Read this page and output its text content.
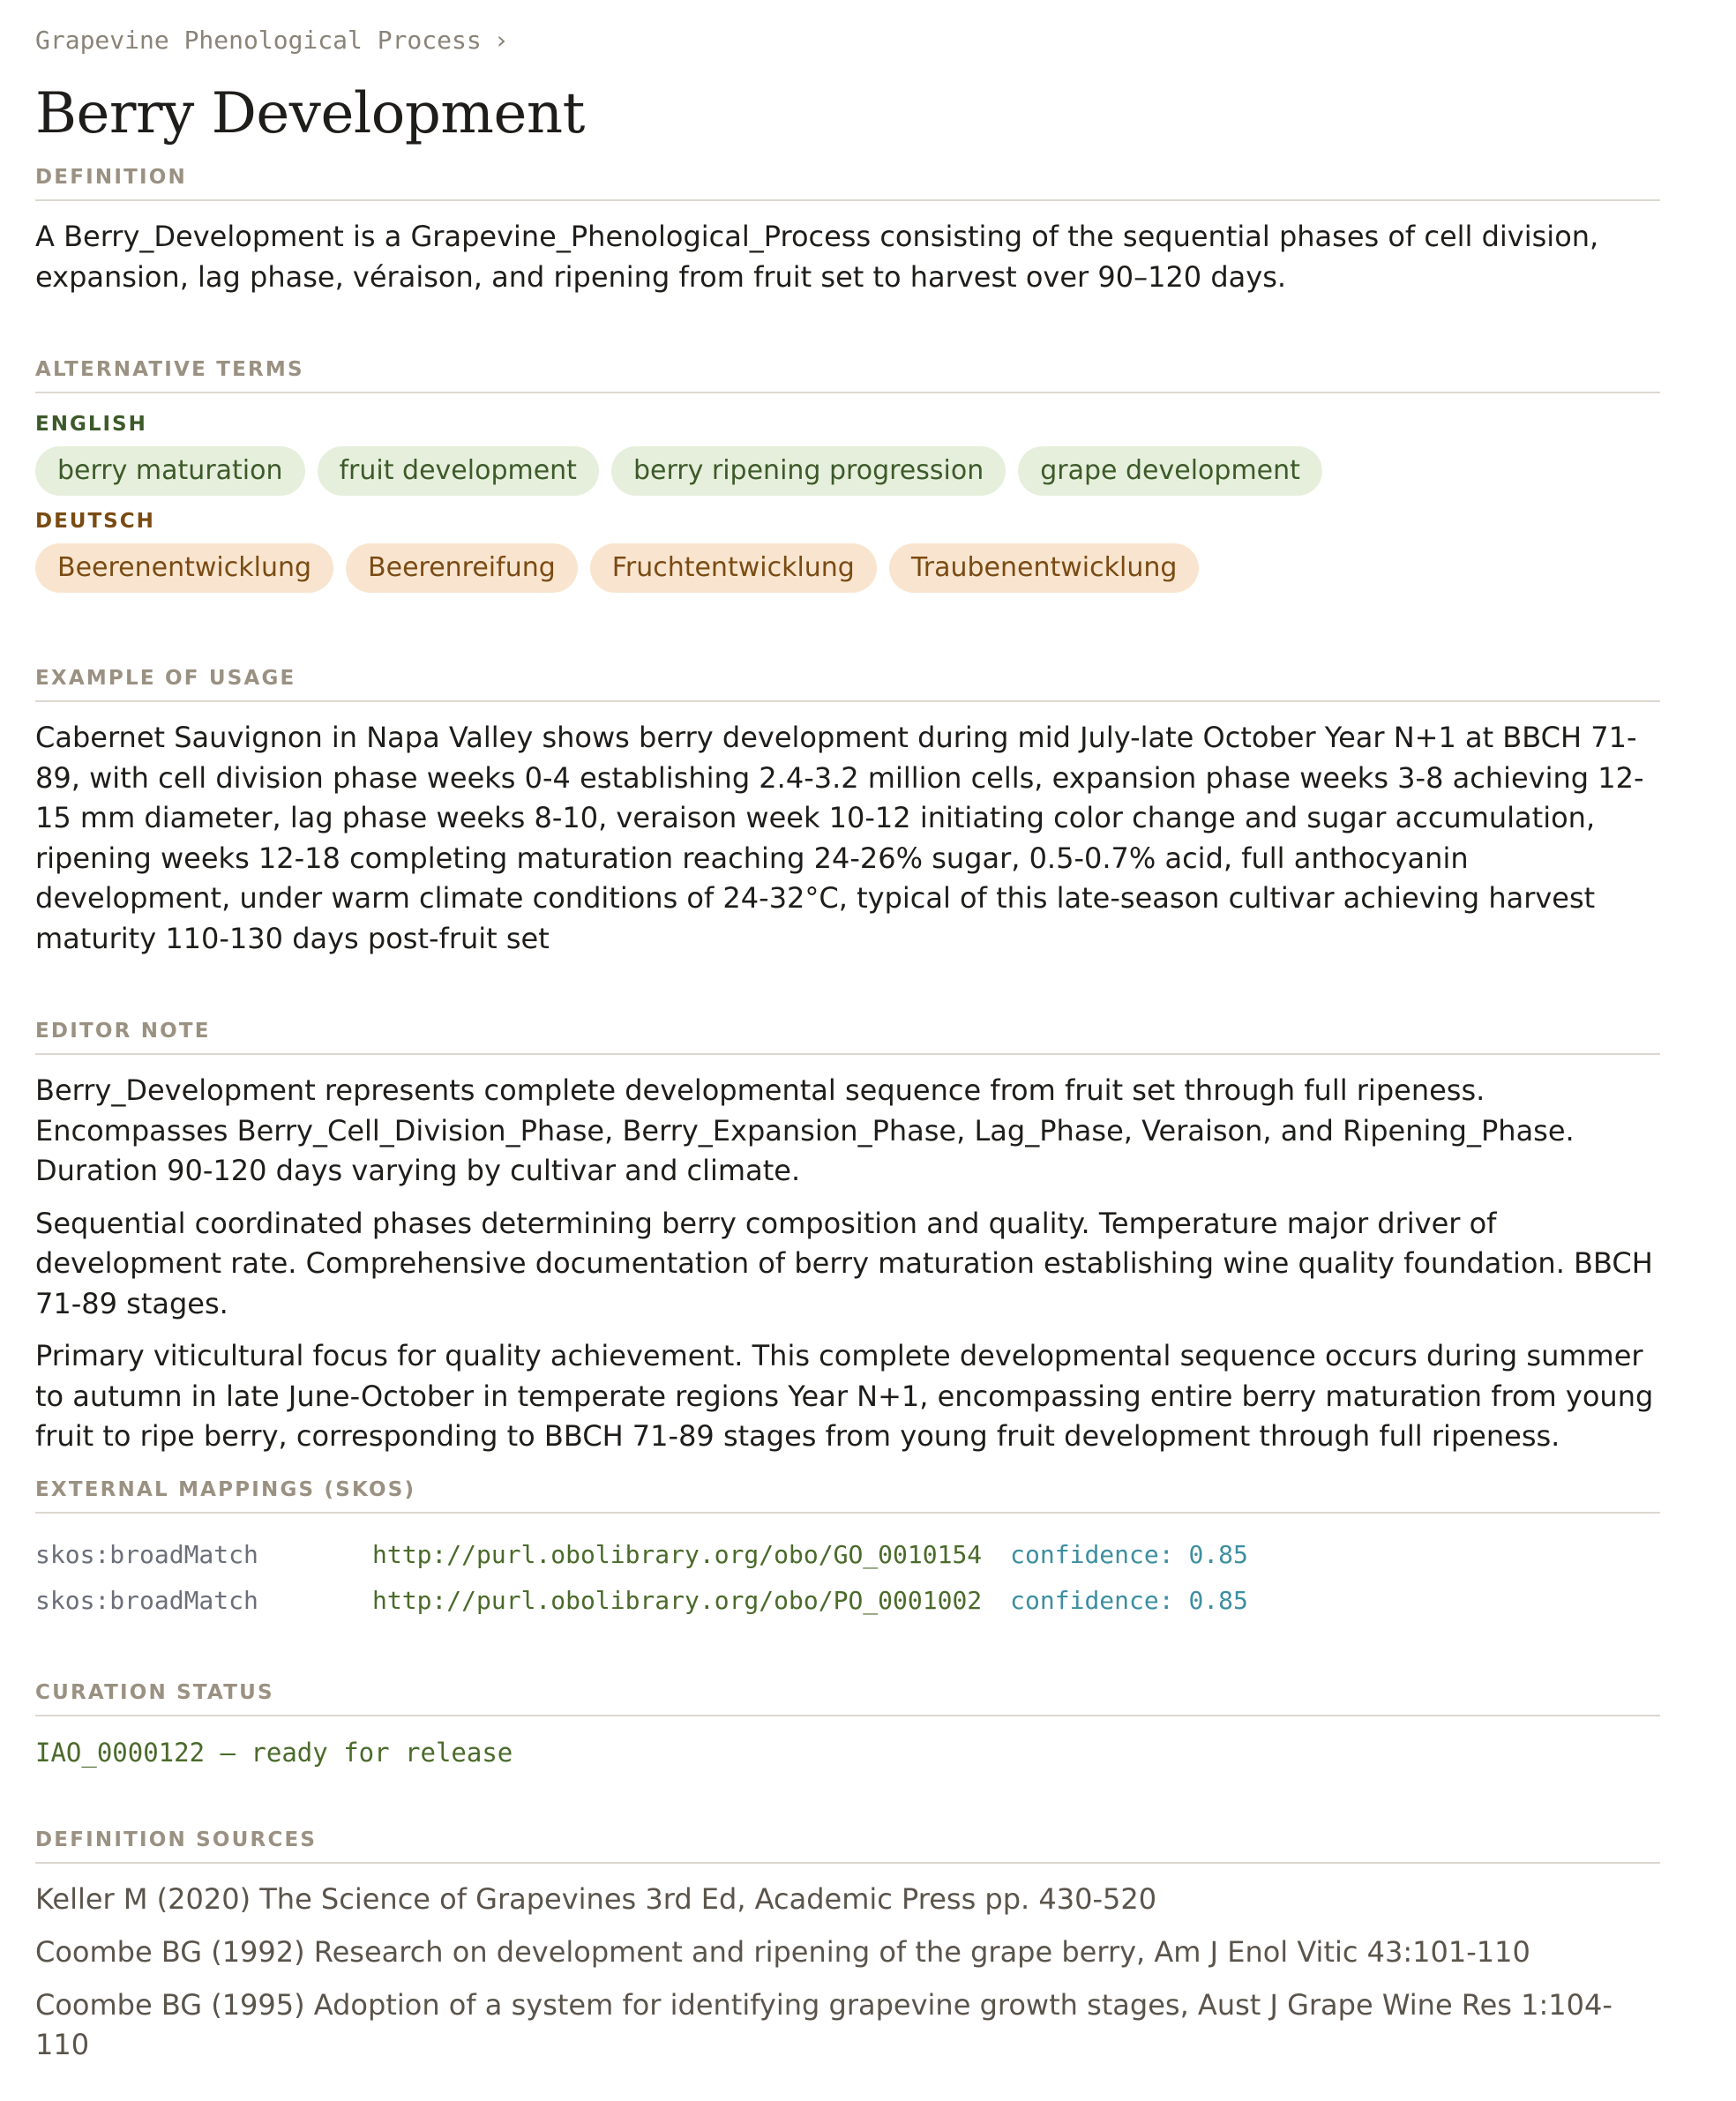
Grapevine Phenological Process ›
Berry Development
DEFINITION
A Berry_Development is a Grapevine_Phenological_Process consisting of the sequential phases of cell division, expansion, lag phase, véraison, and ripening from fruit set to harvest over 90–120 days.
ALTERNATIVE TERMS
ENGLISH
berry maturation	fruit development	berry ripening progression	grape development
DEUTSCH
Beerenentwicklung	Beerenreifung	Fruchtentwicklung	Traubenentwicklung
EXAMPLE OF USAGE
Cabernet Sauvignon in Napa Valley shows berry development during mid July-late October Year N+1 at BBCH 71-89, with cell division phase weeks 0-4 establishing 2.4-3.2 million cells, expansion phase weeks 3-8 achieving 12-15 mm diameter, lag phase weeks 8-10, veraison week 10-12 initiating color change and sugar accumulation, ripening weeks 12-18 completing maturation reaching 24-26% sugar, 0.5-0.7% acid, full anthocyanin development, under warm climate conditions of 24-32°C, typical of this late-season cultivar achieving harvest maturity 110-130 days post-fruit set
EDITOR NOTE
Berry_Development represents complete developmental sequence from fruit set through full ripeness. Encompasses Berry_Cell_Division_Phase, Berry_Expansion_Phase, Lag_Phase, Veraison, and Ripening_Phase. Duration 90-120 days varying by cultivar and climate.
Sequential coordinated phases determining berry composition and quality. Temperature major driver of development rate. Comprehensive documentation of berry maturation establishing wine quality foundation. BBCH 71-89 stages.
Primary viticultural focus for quality achievement. This complete developmental sequence occurs during summer to autumn in late June-October in temperate regions Year N+1, encompassing entire berry maturation from young fruit to ripe berry, corresponding to BBCH 71-89 stages from young fruit development through full ripeness.
EXTERNAL MAPPINGS (SKOS)
skos:broadMatch	http://purl.obolibrary.org/obo/GO_0010154 confidence: 0.85
skos:broadMatch	http://purl.obolibrary.org/obo/PO_0001002 confidence: 0.85
CURATION STATUS
IAO_0000122 — ready for release
DEFINITION SOURCES
Keller M (2020) The Science of Grapevines 3rd Ed, Academic Press pp. 430-520
Coombe BG (1992) Research on development and ripening of the grape berry, Am J Enol Vitic 43:101-110
Coombe BG (1995) Adoption of a system for identifying grapevine growth stages, Aust J Grape Wine Res 1:104-110
